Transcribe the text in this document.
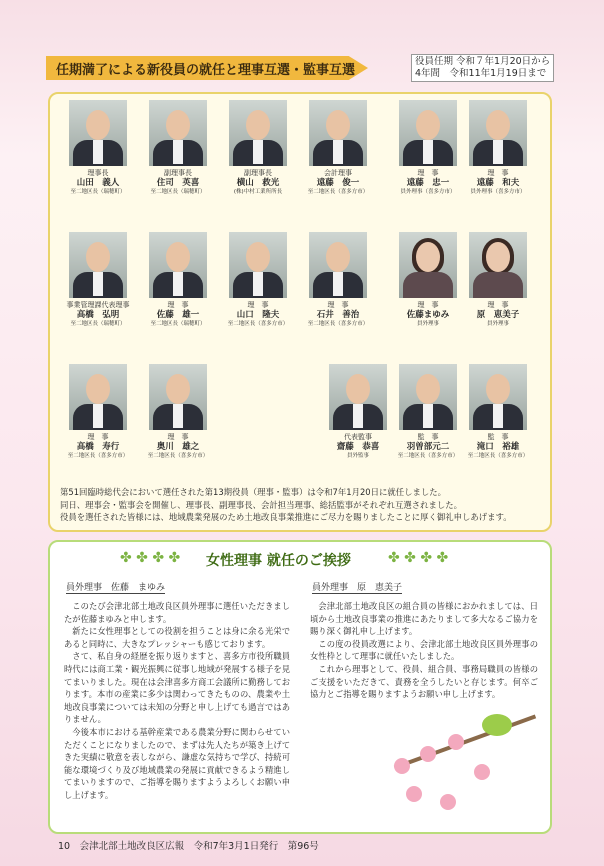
任期満了による新役員の就任と理事互選・監事互選
役員任期 令和７年1月20日から
4年間　令和11年1月19日まで
理事長
山田　義人
至二地区長（瑞穂町）
副理事長
住司　英喜
至二地区長（瑞穂町）
副理事長
横山　救光
(株)中村工業所所長
会計理事
遠藤　俊一
至二地区長（喜多方市）
理　事
遠藤　忠一
員外理事（喜多方市）
理　事
遠藤　和夫
員外理事（喜多方市）
事業管理課代表理事
高橋　弘明
至二地区長（瑞穂町）
理　事
佐藤　雄一
至二地区長（瑞穂町）
理　事
山口　隆夫
至二地区長（喜多方市）
理　事
石井　善治
至二地区長（喜多方市）
理　事
佐藤まゆみ
員外理事
理　事
原　恵美子
員外理事
理　事
高橋　寿行
至二地区長（喜多方市）
理　事
奥川　雄之
至二地区長（喜多方市）
代表監事
齋藤　恭喜
員外監事
監　事
羽曽部元二
至二地区長（喜多方市）
監　事
滝口　裕雄
至二地区長（喜多方市）
第51回臨時総代会において選任された第13期役員（理事・監事）は令和7年1月20日に就任しました。
同日、理事会・監事会を開催し、理事長、副理事長、会計担当理事、総括監事がそれぞれ互選されました。
役員を選任された皆様には、地域農業発展のため土地改良事業推進にご尽力を賜りましたことに厚く御礼申しあげます。
✤ ✤ ✤ ✤ 女性理事 就任のご挨拶	✤ ✤ ✤ ✤
員外理事　佐藤　まゆみ

このたび会津北部土地改良区員外理事に選任いただきましたが佐藤まゆみと申します。

新たに女性理事としての役割を担うことは身に余る光栄であると同時に、大きなプレッシャーも感じております。

さて、私自身の経歴を振り返りますと、喜多方市役所職員時代には商工業・観光振興に従事し地域が発展する様子を見てまいりました。現在は会津喜多方商工会議所に勤務しております。本市の産業に多少は関わってきたものの、農業や土地改良事業については未知の分野と申し上げても過言ではありません。

今後本市における基幹産業である農業分野に関わらせていただくことになりましたので、まずは先人たちが築き上げてきた実績に敬意を表しながら、謙虚な気持ちで学び、持続可能な環境づくり及び地域農業の発展に貢献できるよう精進してまいりますので、ご指導を賜りますようよろしくお願い申し上げます。

員外理事　原　恵美子

会津北部土地改良区の組合員の皆様におかれましては、日頃から土地改良事業の推進にあたりまして多大なるご協力を賜り深く御礼申し上げます。

この度の役員改選により、会津北部土地改良区員外理事の女性枠として理事に就任いたしました。

これから理事として、役員、組合員、事務局職員の皆様のご支援をいただきて、責務を全うしたいと存じます。何卒ご協力とご指導を賜りますようお願い申し上げます。

10　会津北部土地改良区広報　令和7年3月1日発行　第96号
